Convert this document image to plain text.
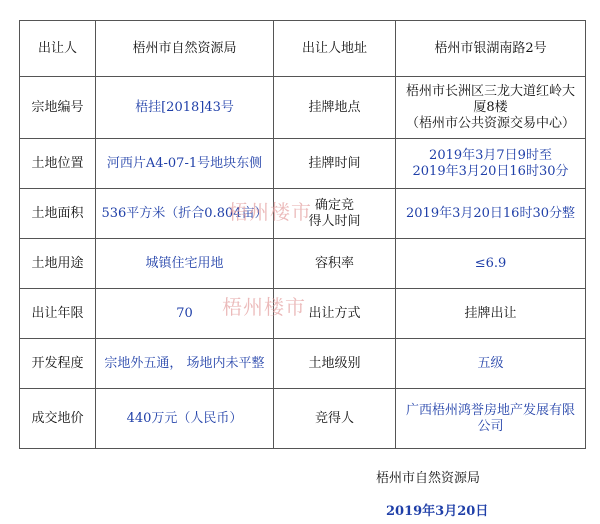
出让人	梧州市自然资源局	出让人地址	梧州市银湖南路2号
宗地编号	梧挂[2018]43号	挂牌地点	梧州市长洲区三龙大道红岭大
厦8楼
（梧州市公共资源交易中心）

土地位置	河西片A4-07-1号地块东侧	挂牌时间	2019年3月7日9时至
2019年3月20日16时30分

土地面积	536平方米（折合0.804亩）	确定竞
得人时间	2019年3月20日16时30分整
土地用途	城镇住宅用地	容积率	≤6.9
出让年限	70	出让方式	挂牌出让
开发程度	宗地外五通， 场地内未平整	土地级别	五级
成交地价	440万元（人民币）	竞得人	广西梧州鸿誉房地产发展有限
公司
梧州楼市
梧州楼市
梧州市自然资源局
2019年3月20日
